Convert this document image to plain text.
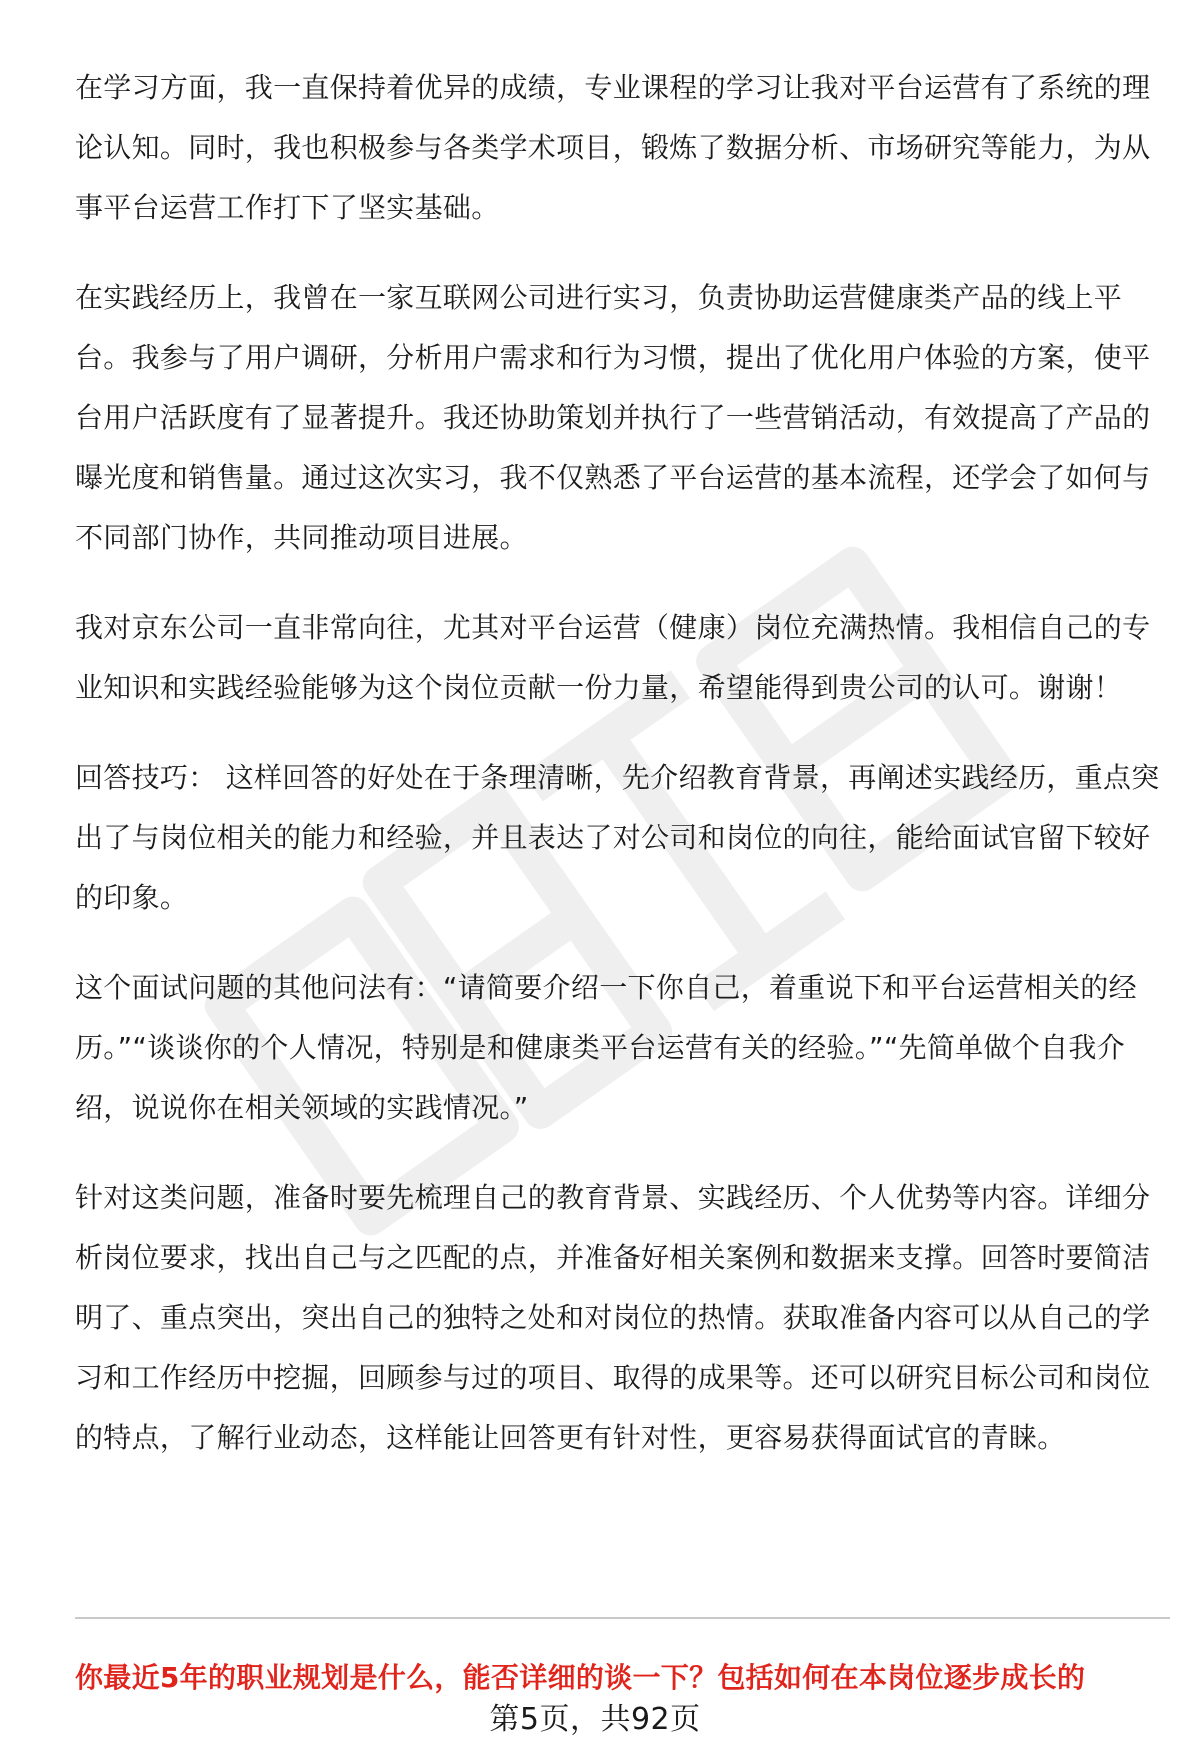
在学习方面，我一直保持着优异的成绩，专业课程的学习让我对平台运营有了系统的理论认知。同时，我也积极参与各类学术项目，锻炼了数据分析、市场研究等能力，为从事平台运营工作打下了坚实基础。

在实践经历上，我曾在一家互联网公司进行实习，负责协助运营健康类产品的线上平台。我参与了用户调研，分析用户需求和行为习惯，提出了优化用户体验的方案，使平台用户活跃度有了显著提升。我还协助策划并执行了一些营销活动，有效提高了产品的曝光度和销售量。通过这次实习，我不仅熟悉了平台运营的基本流程，还学会了如何与不同部门协作，共同推动项目进展。

我对京东公司一直非常向往，尤其对平台运营（健康）岗位充满热情。我相信自己的专业知识和实践经验能够为这个岗位贡献一份力量，希望能得到贵公司的认可。谢谢！

回答技巧： 这样回答的好处在于条理清晰，先介绍教育背景，再阐述实践经历，重点突出了与岗位相关的能力和经验，并且表达了对公司和岗位的向往，能给面试官留下较好的印象。

这个面试问题的其他问法有：“请简要介绍一下你自己，着重说下和平台运营相关的经历。”“谈谈你的个人情况，特别是和健康类平台运营有关的经验。”“先简单做个自我介绍，说说你在相关领域的实践情况。”

针对这类问题，准备时要先梳理自己的教育背景、实践经历、个人优势等内容。详细分析岗位要求，找出自己与之匹配的点，并准备好相关案例和数据来支撑。回答时要简洁明了、重点突出，突出自己的独特之处和对岗位的热情。获取准备内容可以从自己的学习和工作经历中挖掘，回顾参与过的项目、取得的成果等。还可以研究目标公司和岗位的特点，了解行业动态，这样能让回答更有针对性，更容易获得面试官的青睐。

你最近5年的职业规划是什么，能否详细的谈一下？包括如何在本岗位逐步成长的
第5页，共92页
